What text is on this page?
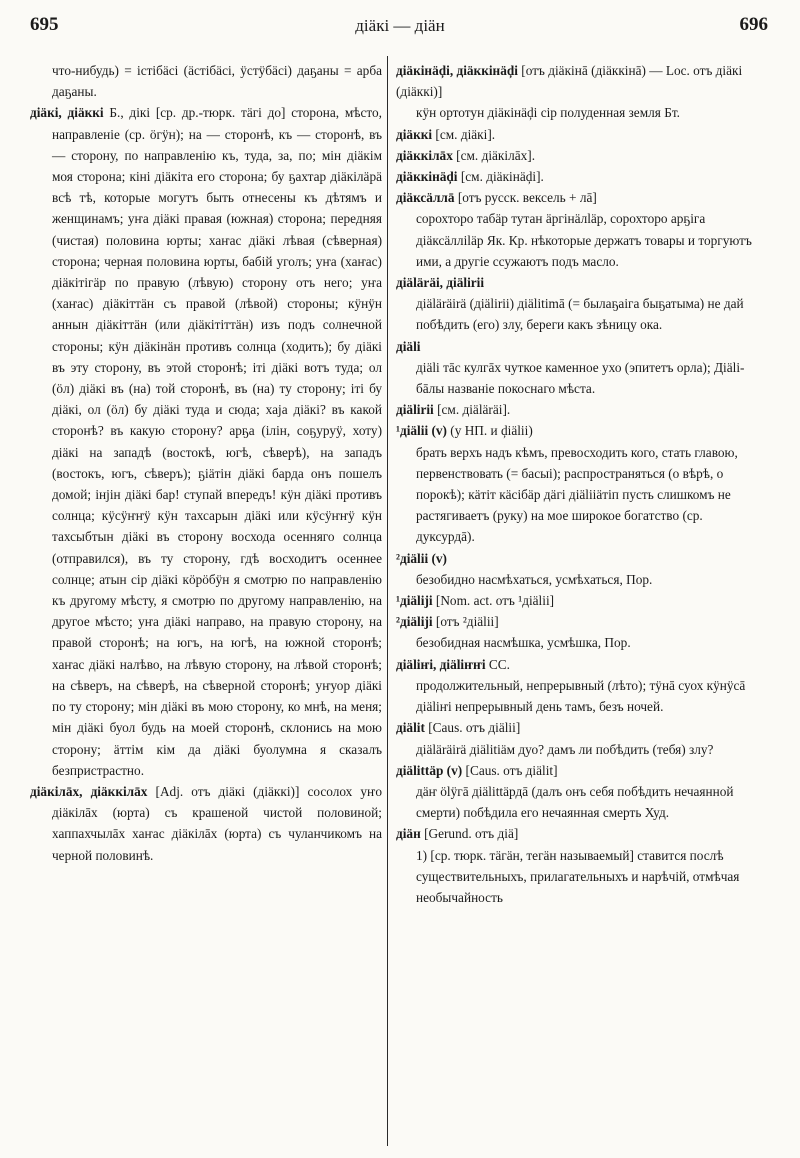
695	діäкі — діäн	696

что-нибудь) = істібäсі (äстібäсі, ÿстÿбäсі) даҕаны = арба даҕаны.

діäкі, діäккі Б., дікі [ср. др.-тюрк. тäгі до] сторона, мѣсто, направленіе (ср. öгÿн); на — сторонѣ, къ — сторонѣ, въ — сторону, по направленію къ, туда, за, по; мін діäкім моя сторона; кіні діäкіта его сторона; бу ҕахтар діäкілäрä всѣ тѣ, которые могутъ быть отнесены къ дѣтямъ и женщинамъ; уҥа діäкі правая (южная) сторона; передняя (чистая) половина юрты; хаҥас діäкі лѣвая (сѣверная) сторона; черная половина юрты, бабій уголъ; уҥа (хаҥас) діäкітігäр по правую (лѣвую) сторону отъ него; уҥа (хаҥас) діäкіттäн съ правой (лѣвой) стороны; кÿнÿн аннын діäкіттäн (или діäкітіттäн) изъ подъ солнечной стороны; кÿн діäкінäн противъ солнца (ходить); бу діäкі въ эту сторону, въ этой сторонѣ; іті діäкі вотъ туда; ол (ӧл) діäкі въ (на) той сторонѣ, въ (на) ту сторону; іті бу діäкі, ол (ӧл) бу діäкі туда и сюда; хаја діäкі? въ какой сторонѣ? въ какую сторону? арҕа (ілін, соҕуруÿ, хоту) діäкі на западѣ (востокѣ, югѣ, сѣверѣ), на западъ (востокъ, югъ, сѣверъ); ҕіäтін діäкі барда онъ пошелъ домой; інјін діäкі бар! ступай впередъ! кÿн діäкі противъ солнца; кÿсÿҥҥÿ кÿн тахсарын діäкі или кÿсÿҥҥÿ кÿн тахсыбтын діäкі въ сторону восхода осенняго солнца (отправился), въ ту сторону, гдѣ восходитъ осеннее солнце; атын сір діäкі кöрöбÿн я смотрю по направленію къ другому мѣсту, я смотрю по другому направленію, на другое мѣсто; уҥа діäкі направо, на правую сторону, на правой сторонѣ; на югъ, на югѣ, на южной сторонѣ; хаҥас діäкі налѣво, на лѣвую сторону, на лѣвой сторонѣ; на сѣверъ, на сѣверѣ, на сѣверной сторонѣ; уҥуор діäкі по ту сторону; мін діäкі въ мою сторону, ко мнѣ, на меня; мін діäкі буол будь на моей сторонѣ, склонись на мою сторону; äттім кім да діäкі буолумна я сказалъ безпристрастно.

діäкілāх, діäккілāх [Adj. отъ діäкі (діäккі)] сосолох уҥо діäкілāх (юрта) съ крашеной чистой половиной; хаппахчылāх хаҥас діäкілāх (юрта) съ чуланчикомъ на черной половинѣ.

діäкінäḑі, діäккінäḑі [отъ діäкінā (діäккінā) — Loc. отъ діäкі (діäккі)]
кÿн ортотун діäкінäḑі сір полуденная земля Бт.
діäккі [см. діäкі].
діäккілāх [см. діäкілāх].
діäккінäḑі [см. діäкінäḑі].
діäксäллā [отъ русск. вексель + лā]
сорохторо табäр тутан äргінäлläр, сорохторо арҕіга діäксäлліläр Як. Кр. нѣкоторые держатъ товары и торгуютъ ими, а другіе ссужаютъ подъ масло.
діäläräi, діälirii
діäläräirä (діälirii) діälitimā (= былаҕаіга быҕатыма) не дай побѣдить (его) злу, береги какъ зѣницу ока.
діäli
діäli тāс кулгāх чуткое каменное ухо (эпитетъ орла); Діäli-бāлы названіе покоснаго мѣста.
діälirii [см. діäläräi].
¹діälii (v) (у НП. и ḑіälii)
брать верхъ надъ кѣмъ, превосходить кого, стать главою, первенствовать (= басыі); распространяться (о вѣрѣ, о порокѣ); кäтіт кäсібäр дäгі діälііäтіп пусть слишкомъ не растягиваетъ (руку) на мое широкое богатство (ср. дуксурдā).
²діälii (v)
безобидно насмѣхаться, усмѣхаться, Пор.
¹діälijі [Nom. act. отъ ¹діälii]
²діälijі [отъ ²діälii]
безобидная насмѣшка, усмѣшка, Пор.
діälіҥі, діälіҥҥі СС.
продолжительный, непрерывный (лѣто); тÿнā суох кÿнÿсā діälіҥі непрерывный день тамъ, безъ ночей.
діälit [Caus. отъ діälii]
діäläräirä діälitiäм дуо? дамъ ли побѣдить (тебя) злу?
діälittäр (v) [Caus. отъ діälit]
дäҥ ölÿгā діälittäрдā (далъ онъ себя побѣдить нечаянной смерти) побѣдила его нечаянная смерть Худ.
діäн [Gerund. отъ діä]
1) [ср. тюрк. тäгäн, тегäн называемый] ставится послѣ существительныхъ, прилагательныхъ и нарѣчій, отмѣчая необычайность
